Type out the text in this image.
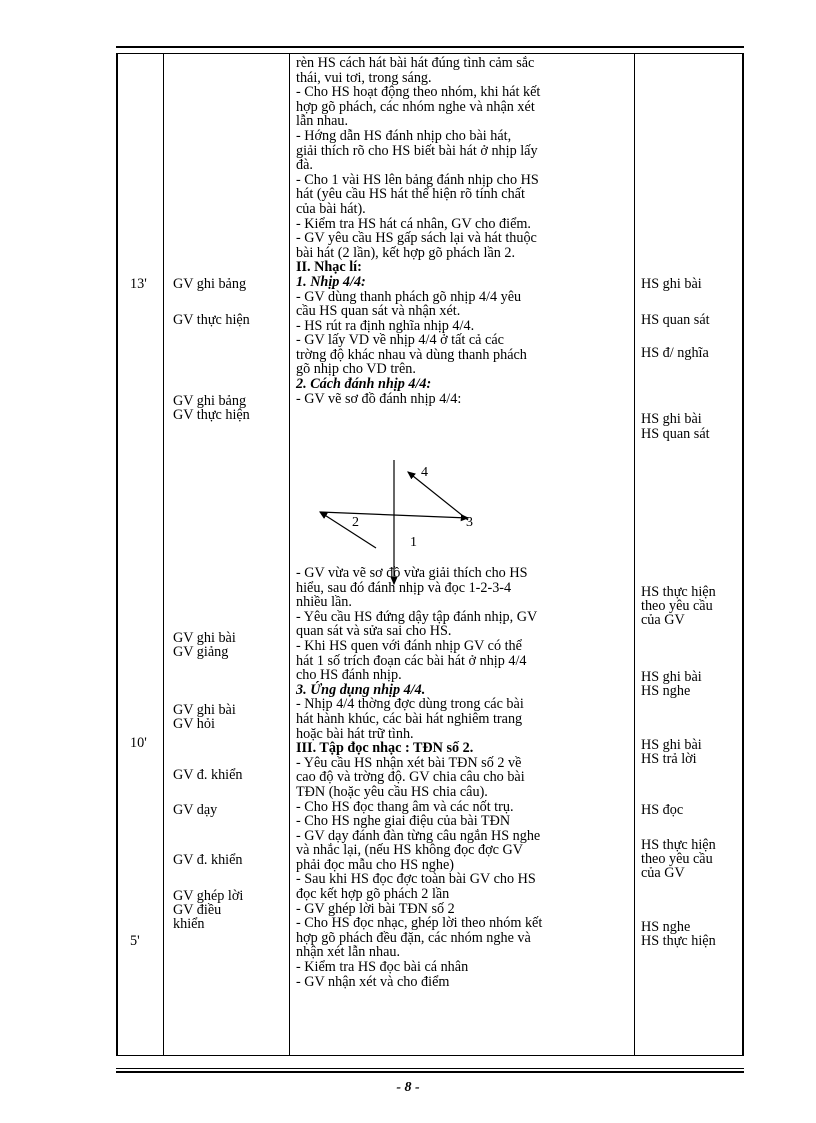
13'
10'
5'
GV ghi bảng
GV thực hiện
GV ghi bảng
GV thực hiện
GV ghi bài
GV giảng
GV ghi bài
GV hỏi
GV đ. khiển
GV dạy
GV đ. khiển
GV ghép lời
GV điều
khiển
HS ghi bài
HS quan sát
HS đ/ nghĩa
HS ghi bài
HS quan sát
HS thực hiện
theo yêu cầu
của GV
HS ghi bài
HS nghe
HS ghi bài
HS trả lời
HS đọc
HS thực hiện
theo yêu cầu
của GV
HS nghe
HS thực hiện
rèn HS cách hát bài hát đúng tình cảm sắc
thái, vui tơi, trong sáng.
- Cho HS hoạt động theo nhóm, khi hát kết
hợp gõ phách, các nhóm nghe và nhận xét
lẫn nhau.
- Hớng dẫn HS đánh nhịp cho bài hát,
giải thích rõ cho HS biết bài hát ở nhịp lấy
đà.
- Cho 1 vài HS lên bảng đánh nhịp cho HS
hát (yêu cầu HS hát thể hiện rõ tính chất
của bài hát).
- Kiểm tra HS hát cá nhân, GV cho điểm.
- GV yêu cầu HS gấp sách lại và hát thuộc
bài hát (2 lần), kết hợp gõ phách lần 2.
II. Nhạc lí:
1. Nhịp 4/4:
- GV dùng thanh phách gõ nhịp 4/4 yêu
cầu HS quan sát và nhận xét.
- HS rút ra định nghĩa nhịp 4/4.
- GV lấy VD về nhịp 4/4 ở tất cả các
trờng độ khác nhau và dùng thanh phách
gõ nhịp cho VD trên.
2. Cách đánh nhịp 4/4:
- GV vẽ sơ đồ đánh nhịp 4/4:
4
2	3
1
- GV vừa vẽ sơ đồ vừa giải thích cho HS
hiểu, sau đó đánh nhịp và đọc 1-2-3-4
nhiều lần.
- Yêu cầu HS đứng dậy tập đánh nhịp, GV
quan sát và sửa sai cho HS.
- Khi HS quen với đánh nhịp GV có thể
hát 1 số trích đoạn các bài hát ở nhịp 4/4
cho HS đánh nhịp.
3. Ứng dụng nhịp 4/4.
- Nhịp 4/4 thờng đợc dùng trong các bài
hát hành khúc, các bài hát nghiêm trang
hoặc bài hát trữ tình.
III. Tập đọc nhạc : TĐN số 2.
- Yêu cầu HS nhận xét bài TĐN số 2 về
cao độ và trờng độ. GV chia câu cho bài
TĐN (hoặc yêu cầu HS chia câu).
- Cho HS đọc thang âm và các nốt trụ.
- Cho HS nghe giai điệu của bài TĐN
- GV dạy đánh đàn từng câu ngắn HS nghe
và nhắc lại, (nếu HS không đọc đợc GV
phải đọc mẫu cho HS nghe)
- Sau khi HS đọc đợc toàn bài GV cho HS
đọc kết hợp gõ phách 2 lần
- GV ghép lời bài TĐN số 2
- Cho HS đọc nhạc, ghép lời theo nhóm kết
hợp gõ phách đều đặn, các nhóm nghe và
nhận xét lẫn nhau.
- Kiểm tra HS đọc bài cá nhân
- GV nhận xét và cho điểm
- 8 -
